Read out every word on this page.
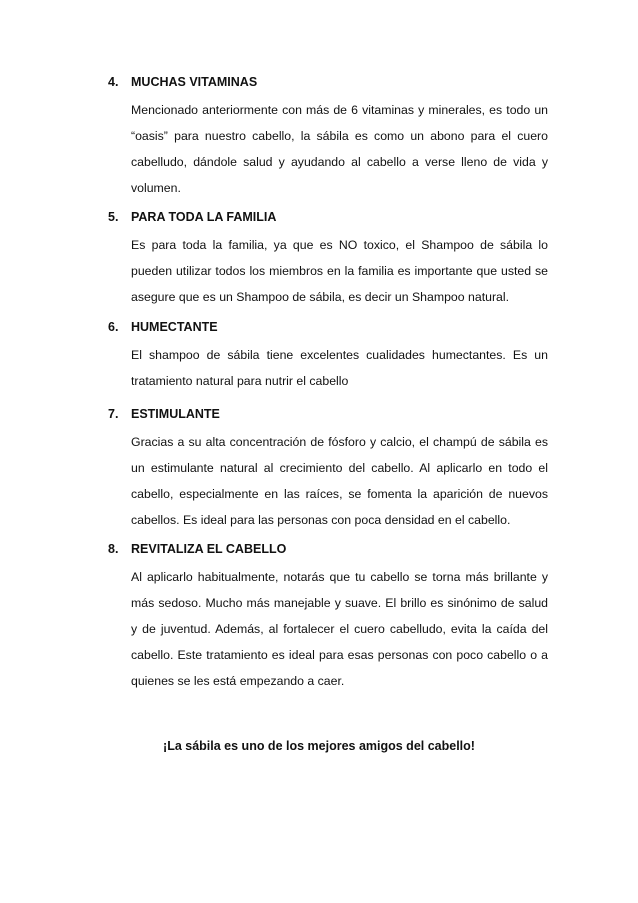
4.	MUCHAS VITAMINAS

Mencionado anteriormente con más de 6 vitaminas y minerales, es todo un “oasis” para nuestro cabello, la sábila es como un abono para el cuero cabelludo, dándole salud y ayudando al cabello a verse lleno de vida y volumen.

5.	PARA TODA LA FAMILIA

Es para toda la familia, ya que es NO toxico, el Shampoo de sábila lo pueden utilizar todos los miembros en la familia es importante que usted se asegure que es un Shampoo de sábila, es decir un Shampoo natural.

6.	HUMECTANTE

El shampoo de sábila tiene excelentes cualidades humectantes. Es un tratamiento natural para nutrir el cabello

7.	ESTIMULANTE

Gracias a su alta concentración de fósforo y calcio, el champú de sábila es un estimulante natural al crecimiento del cabello. Al aplicarlo en todo el cabello, especialmente en las raíces, se fomenta la aparición de nuevos cabellos. Es ideal para las personas con poca densidad en el cabello.

8.	REVITALIZA EL CABELLO

Al aplicarlo habitualmente, notarás que tu cabello se torna más brillante y más sedoso. Mucho más manejable y suave. El brillo es sinónimo de salud y de juventud. Además, al fortalecer el cuero cabelludo, evita la caída del cabello. Este tratamiento es ideal para esas personas con poco cabello o a quienes se les está empezando a caer.

¡La sábila es uno de los mejores amigos del cabello!
